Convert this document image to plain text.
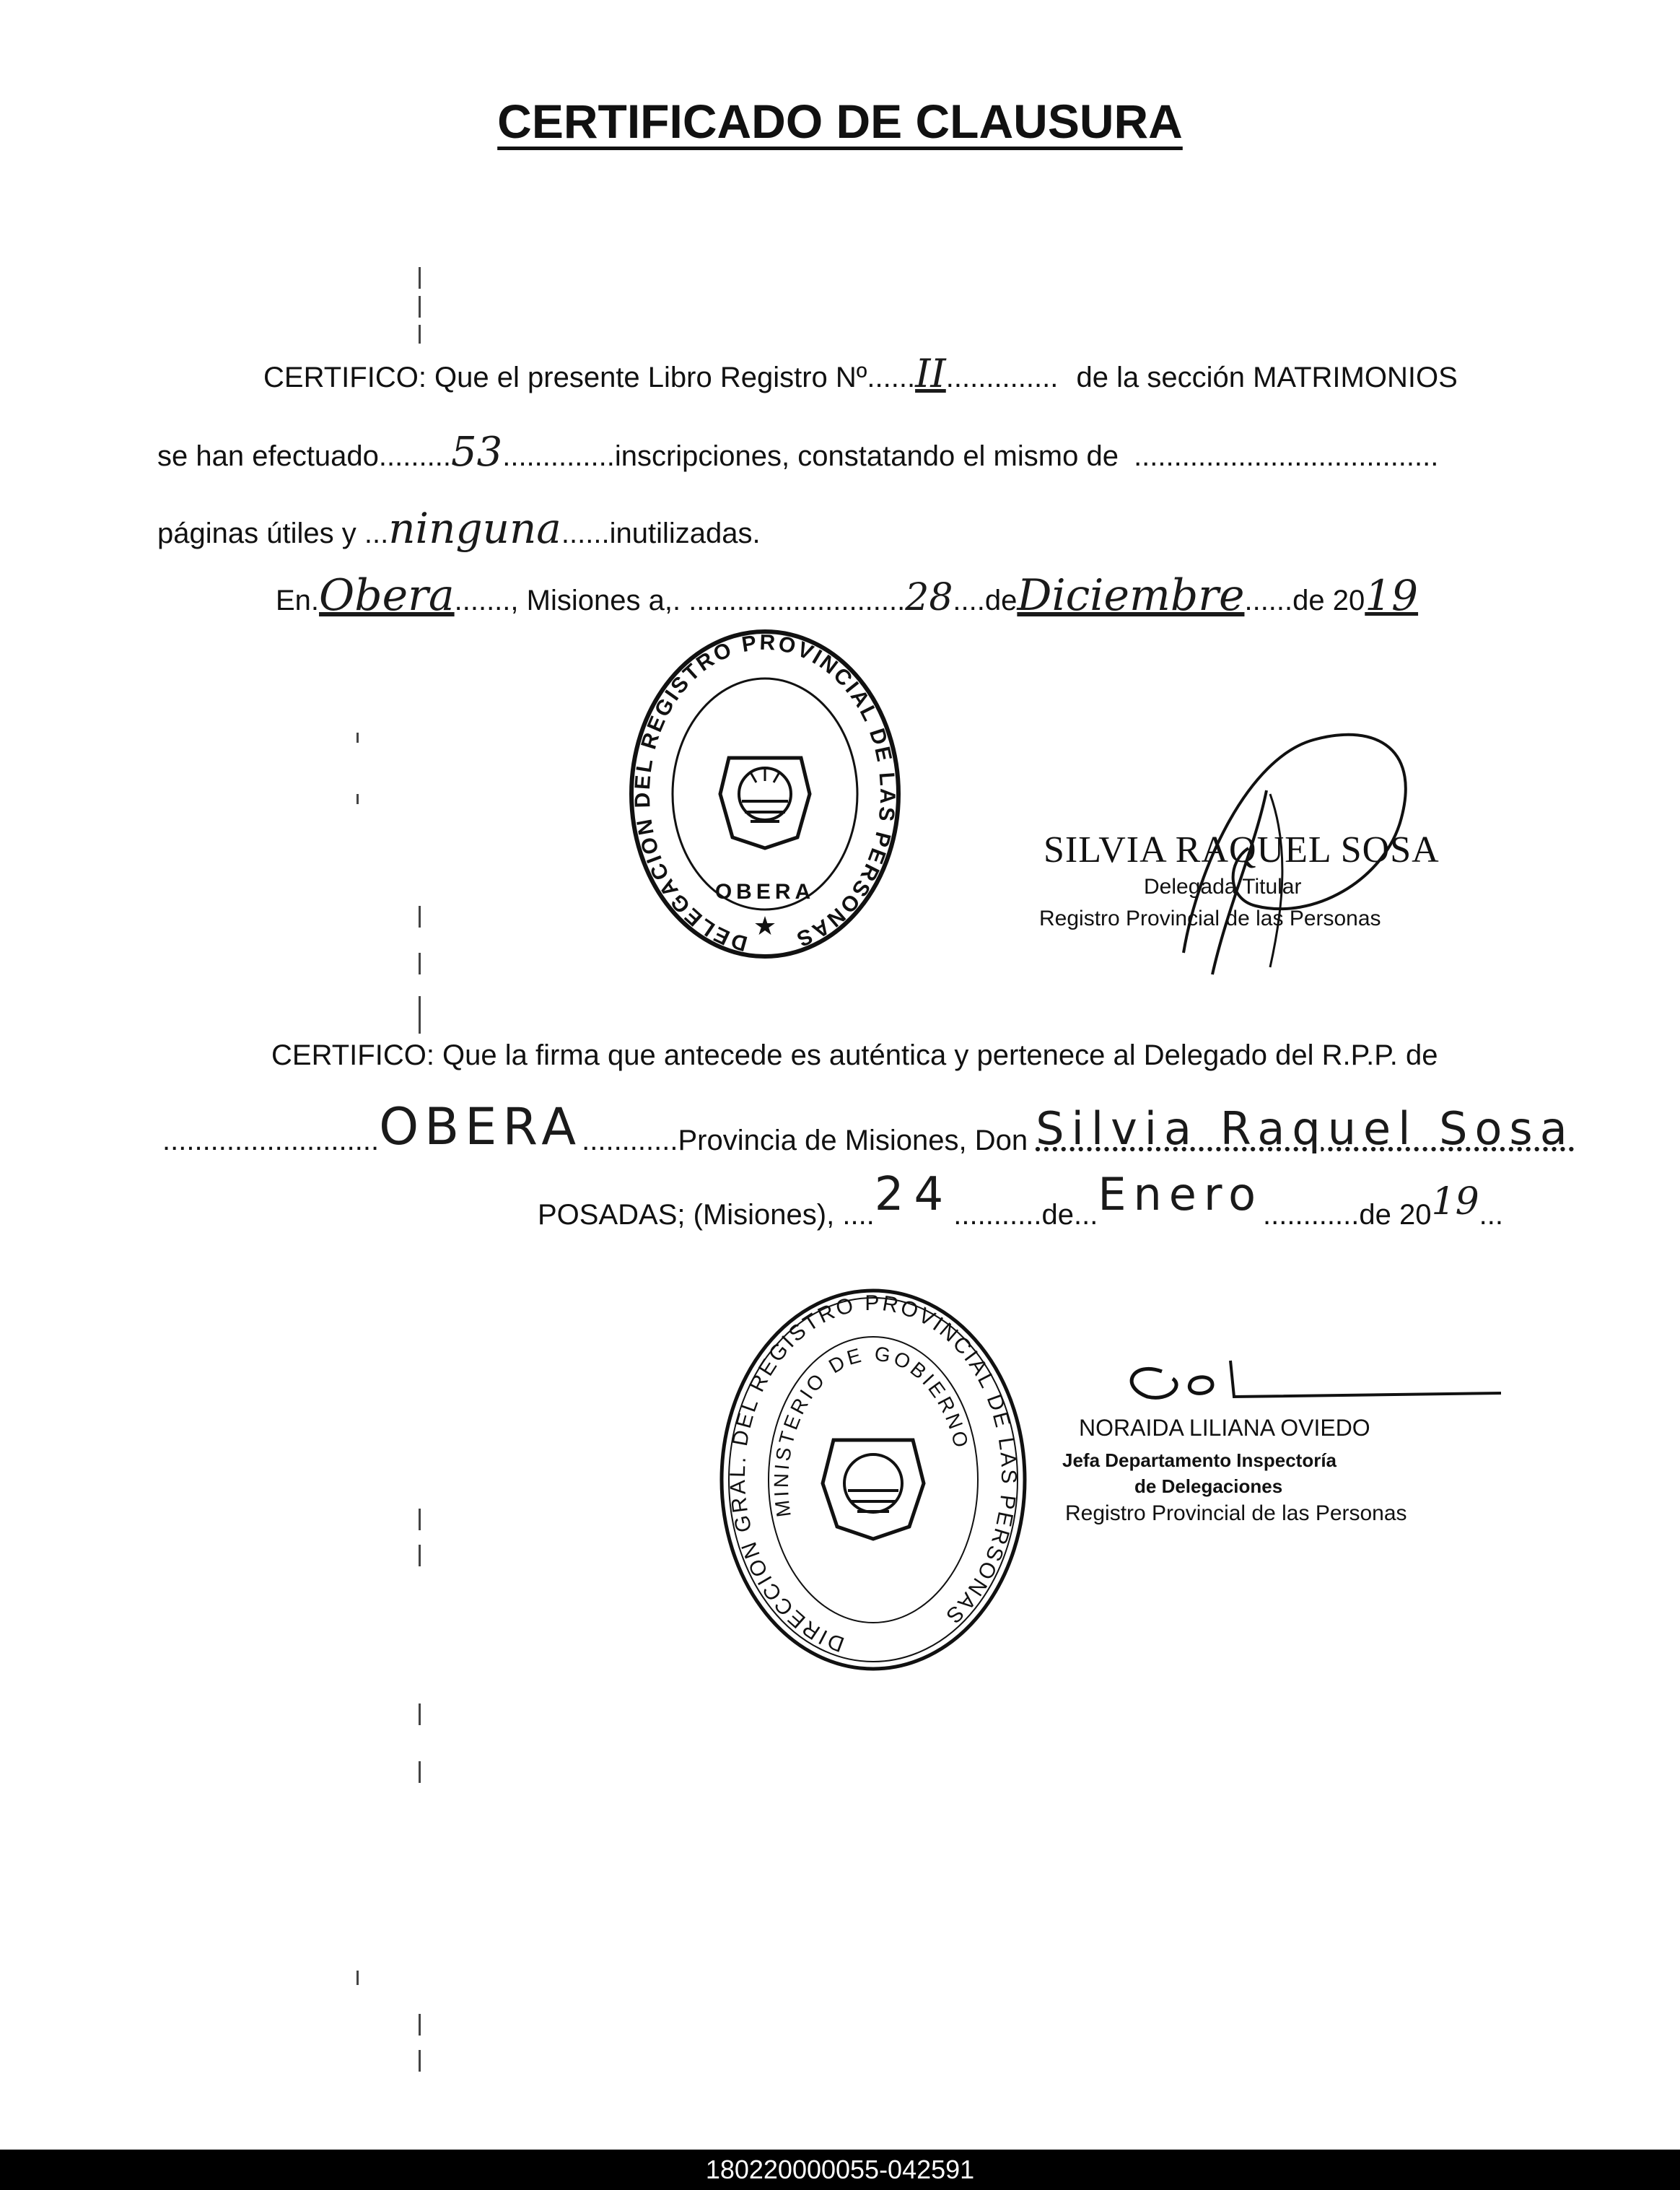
CERTIFICADO DE CLAUSURA
CERTIFICO: Que el presente Libro Registro Nº......II.............. de la sección MATRIMONIOS
se han efectuado.........53..............inscripciones, constatando el mismo de ......................................
páginas útiles y ...ninguna......inutilizadas.
En.Obera......., Misiones a,. ...........................28....deDiciembre......de 2019
DELEGACION DEL REGISTRO PROVINCIAL DE LAS PERSONAS
OBERA
★
SILVIA RAQUEL SOSA
Delegada Titular
Registro Provincial de las Personas
CERTIFICO: Que la firma que antecede es auténtica y pertenece al Delegado del R.P.P. de
...........................OBERA............Provincia de Misiones, Don Silvia Raquel Sosa
POSADAS; (Misiones), ....24...........de...Enero............de 2019...
DIRECCION GRAL. DEL REGISTRO PROVINCIAL DE LAS PERSONAS
MINISTERIO DE GOBIERNO	NORAIDA LILIANA OVIEDO
Jefa Departamento Inspectoría
de Delegaciones
Registro Provincial de las Personas
180220000055-042591
